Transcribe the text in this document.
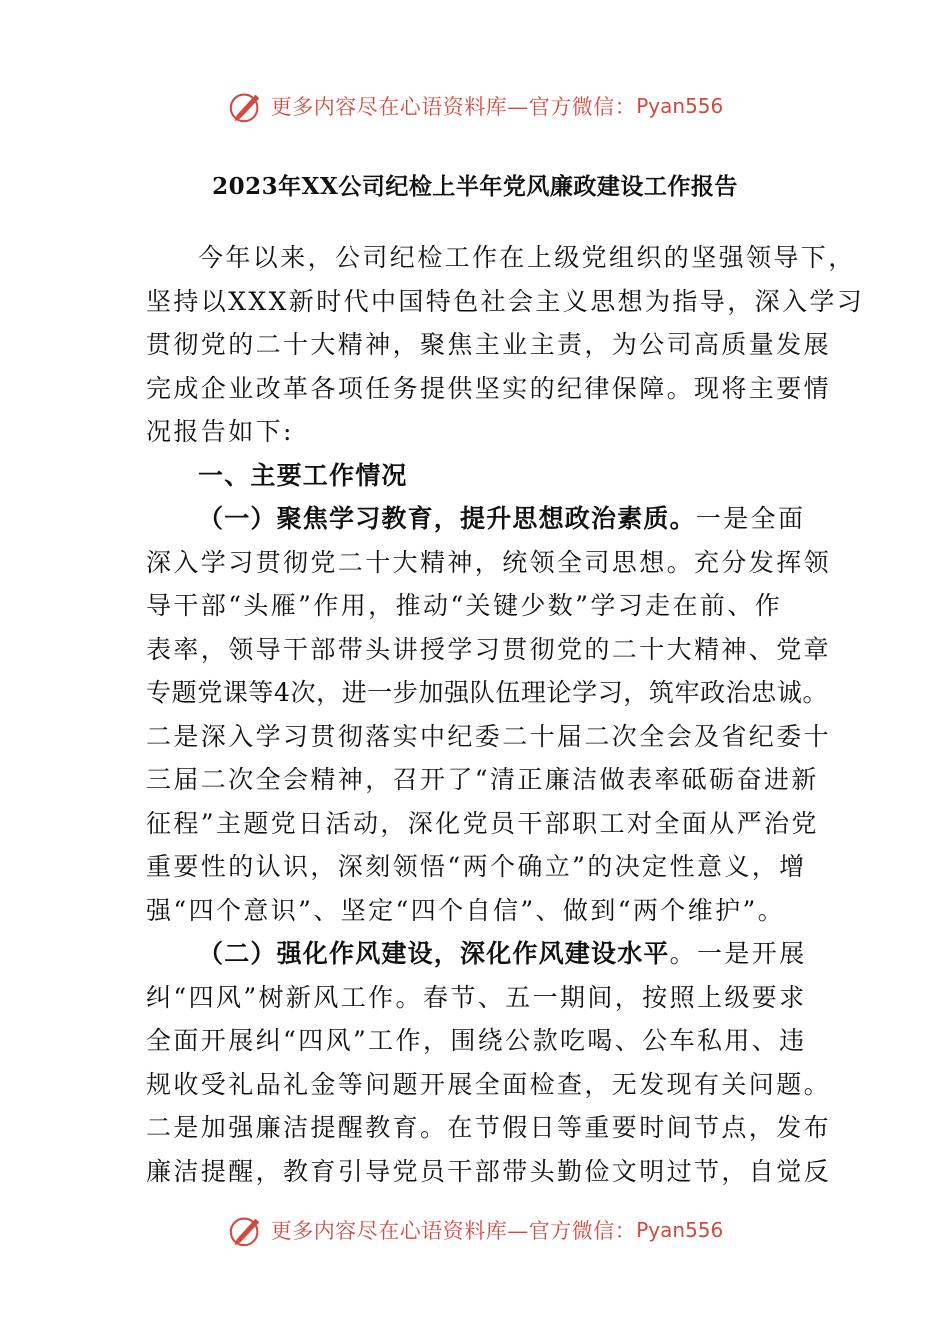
更多内容尽在心语资料库—官方微信： Pyan556
2023年XX公司纪检上半年党风廉政建设工作报告
今年以来，公司纪检工作在上级党组织的坚强领导下，
坚持以XXX新时代中国特色社会主义思想为指导，深入学习
贯彻党的二十大精神，聚焦主业主责，为公司高质量发展
完成企业改革各项任务提供坚实的纪律保障。现将主要情
况报告如下:
一、主要工作情况
（一）聚焦学习教育，提升思想政治素质。一是全面
深入学习贯彻党二十大精神，统领全司思想。充分发挥领
导干部“头雁”作用，推动“关键少数”学习走在前、作
表率，领导干部带头讲授学习贯彻党的二十大精神、党章
专题党课等4次，进一步加强队伍理论学习，筑牢政治忠诚。
二是深入学习贯彻落实中纪委二十届二次全会及省纪委十
三届二次全会精神，召开了“清正廉洁做表率砥砺奋进新
征程”主题党日活动，深化党员干部职工对全面从严治党
重要性的认识，深刻领悟“两个确立”的决定性意义，增
强“四个意识”、坚定“四个自信”、做到“两个维护”。
（二）强化作风建设，深化作风建设水平。一是开展
纠“四风”树新风工作。春节、五一期间，按照上级要求
全面开展纠“四风”工作，围绕公款吃喝、公车私用、违
规收受礼品礼金等问题开展全面检查，无发现有关问题。
二是加强廉洁提醒教育。在节假日等重要时间节点，发布
廉洁提醒，教育引导党员干部带头勤俭文明过节，自觉反
更多内容尽在心语资料库—官方微信： Pyan556
